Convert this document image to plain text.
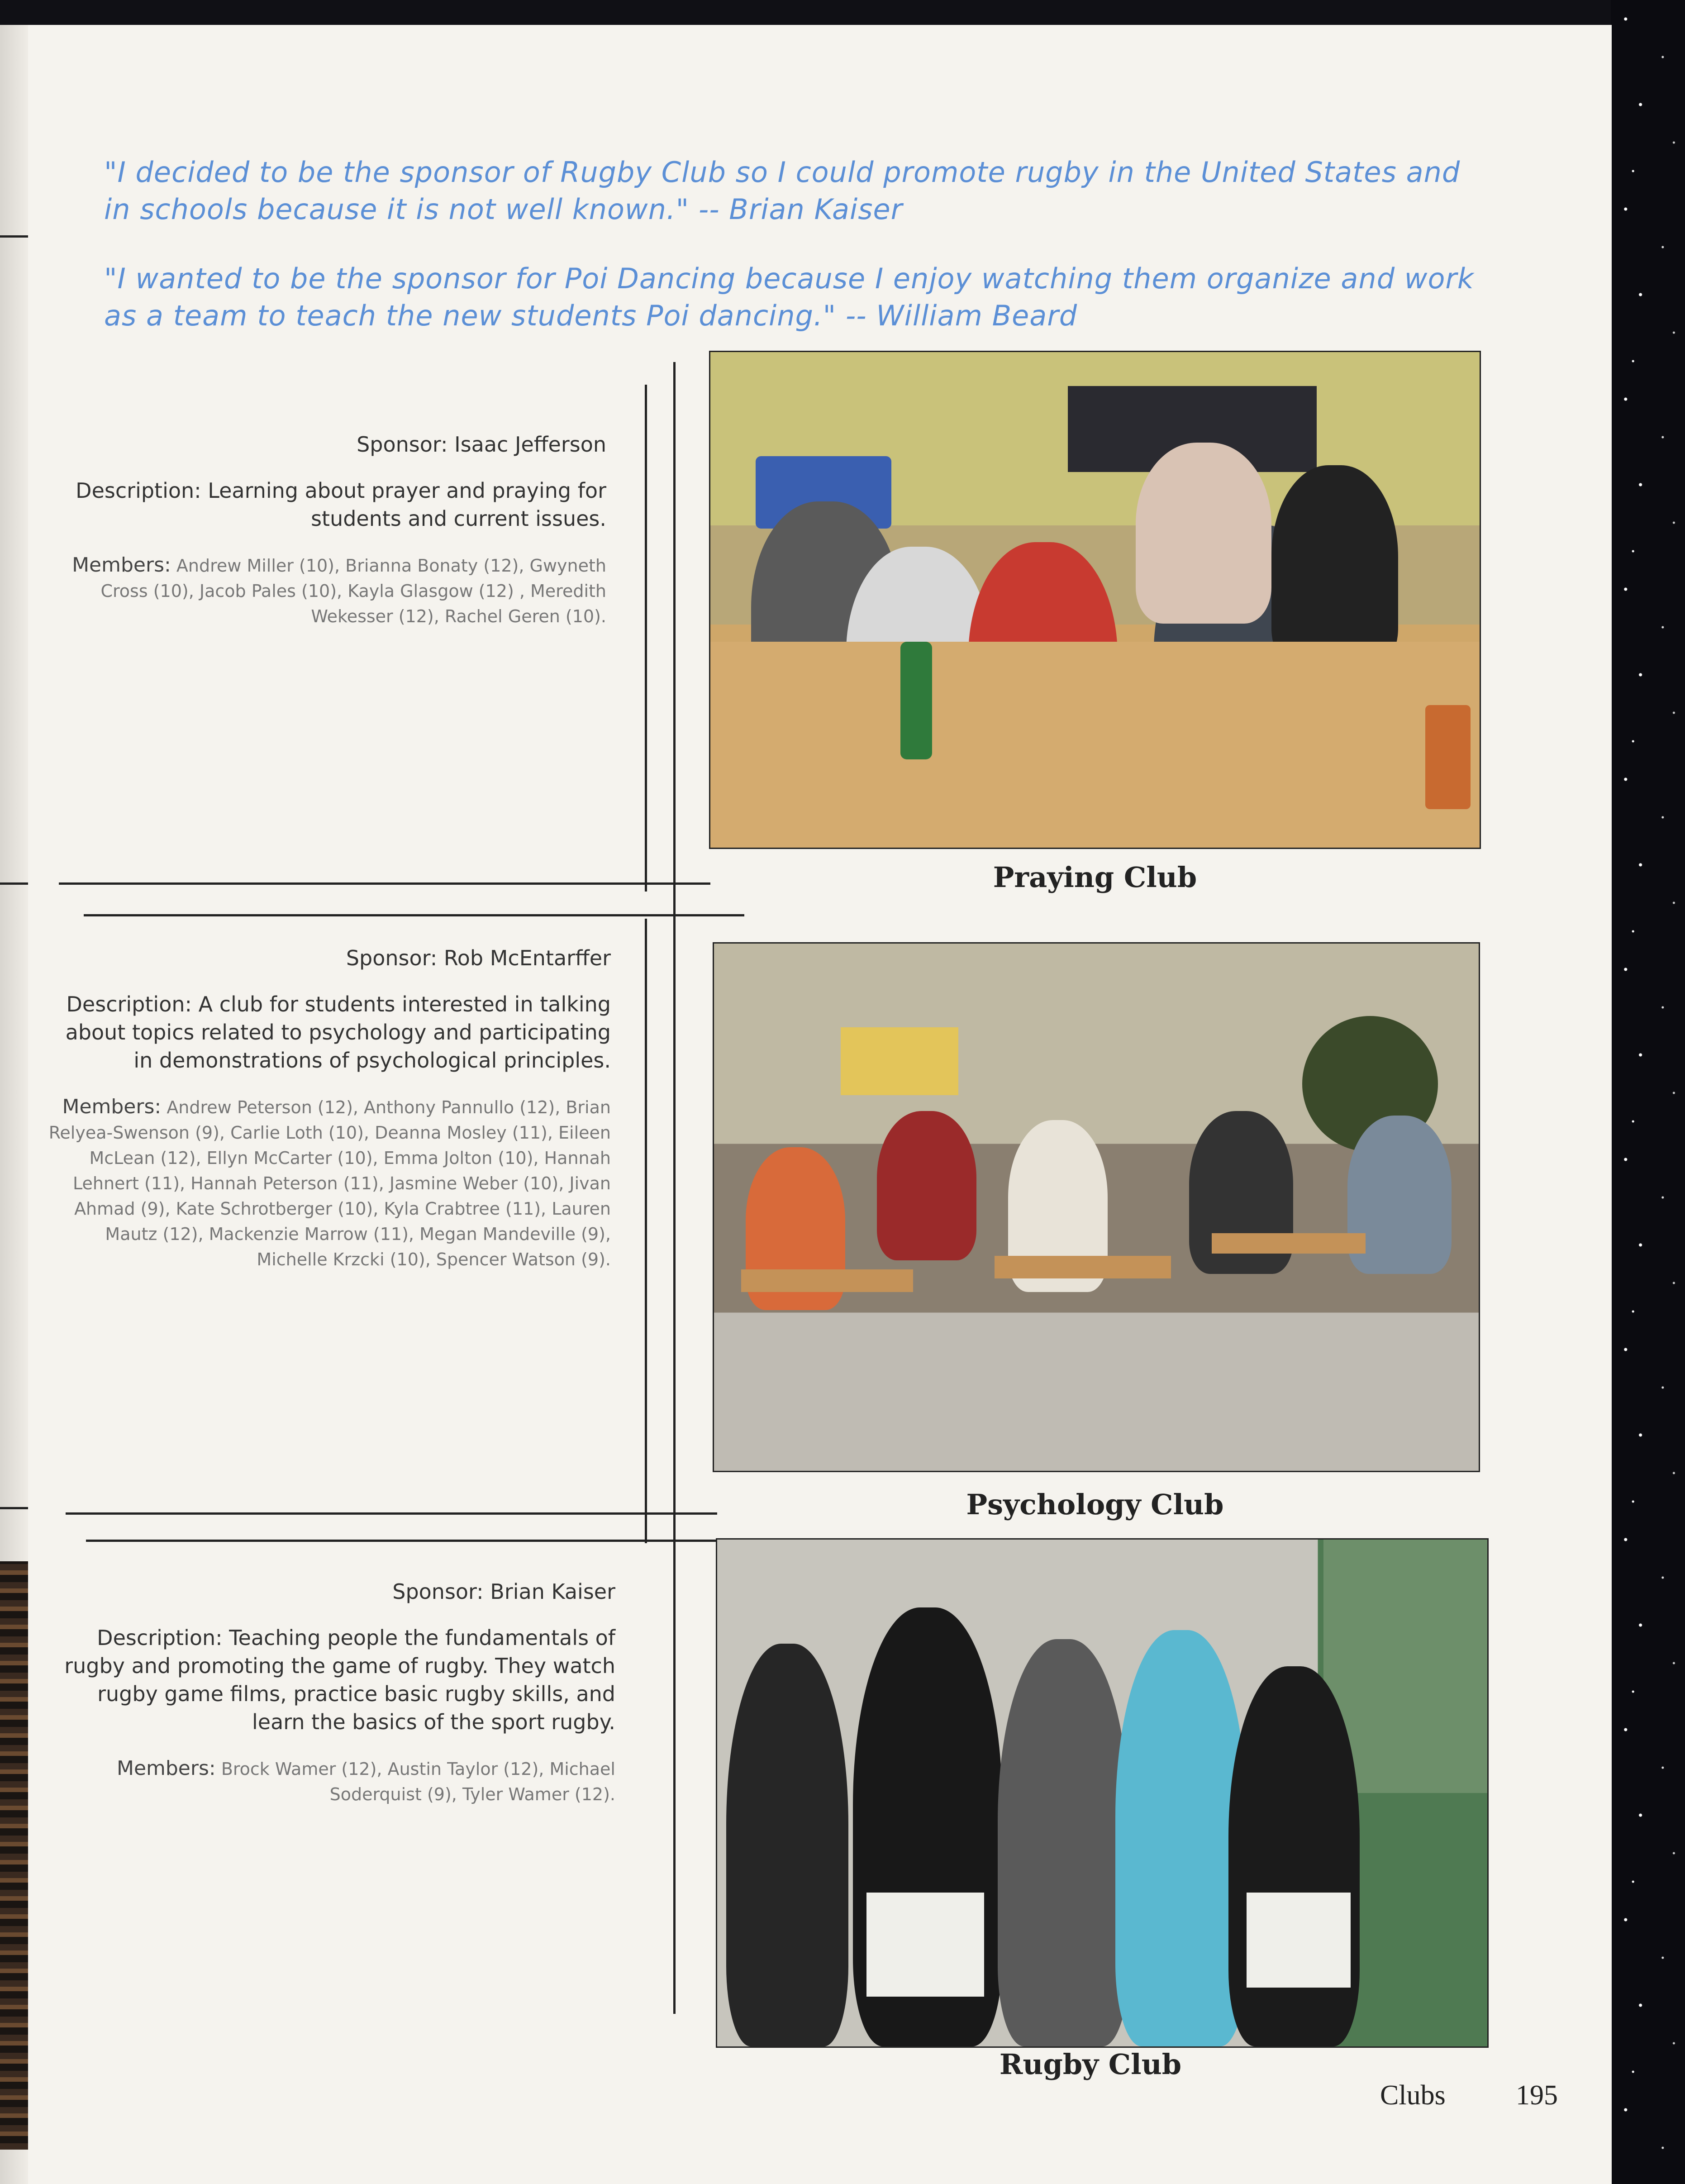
"I decided to be the sponsor of Rugby Club so I could promote rugby in the United States and in schools because it is not well known." -- Brian Kaiser

"I wanted to be the sponsor for Poi Dancing because I enjoy watching them organize and work as a team to teach the new students Poi dancing." -- William Beard

Sponsor: Isaac Jefferson

Description: Learning about prayer and praying for students and current issues.

Members: Andrew Miller (10), Brianna Bonaty (12), Gwyneth Cross (10), Jacob Pales (10), Kayla Glasgow (12) , Meredith Wekesser (12), Rachel Geren (10).

Praying Club

Sponsor: Rob McEntarffer

Description: A club for students interested in talking about topics related to psychology and participating in demonstrations of psychological principles.

Members: Andrew Peterson (12), Anthony Pannullo (12), Brian Relyea-Swenson (9), Carlie Loth (10), Deanna Mosley (11), Eileen McLean (12), Ellyn McCarter (10), Emma Jolton (10), Hannah Lehnert (11), Hannah Peterson (11), Jasmine Weber (10), Jivan Ahmad (9), Kate Schrotberger (10), Kyla Crabtree (11), Lauren Mautz (12), Mackenzie Marrow (11), Megan Mandeville (9), Michelle Krzcki (10), Spencer Watson (9).

Psychology Club

Sponsor: Brian Kaiser

Description: Teaching people the fundamentals of rugby and promoting the game of rugby. They watch rugby game films, practice basic rugby skills, and learn the basics of the sport rugby.

Members: Brock Wamer (12), Austin Taylor (12), Michael Soderquist (9), Tyler Wamer (12).

Rugby Club

Clubs	195
